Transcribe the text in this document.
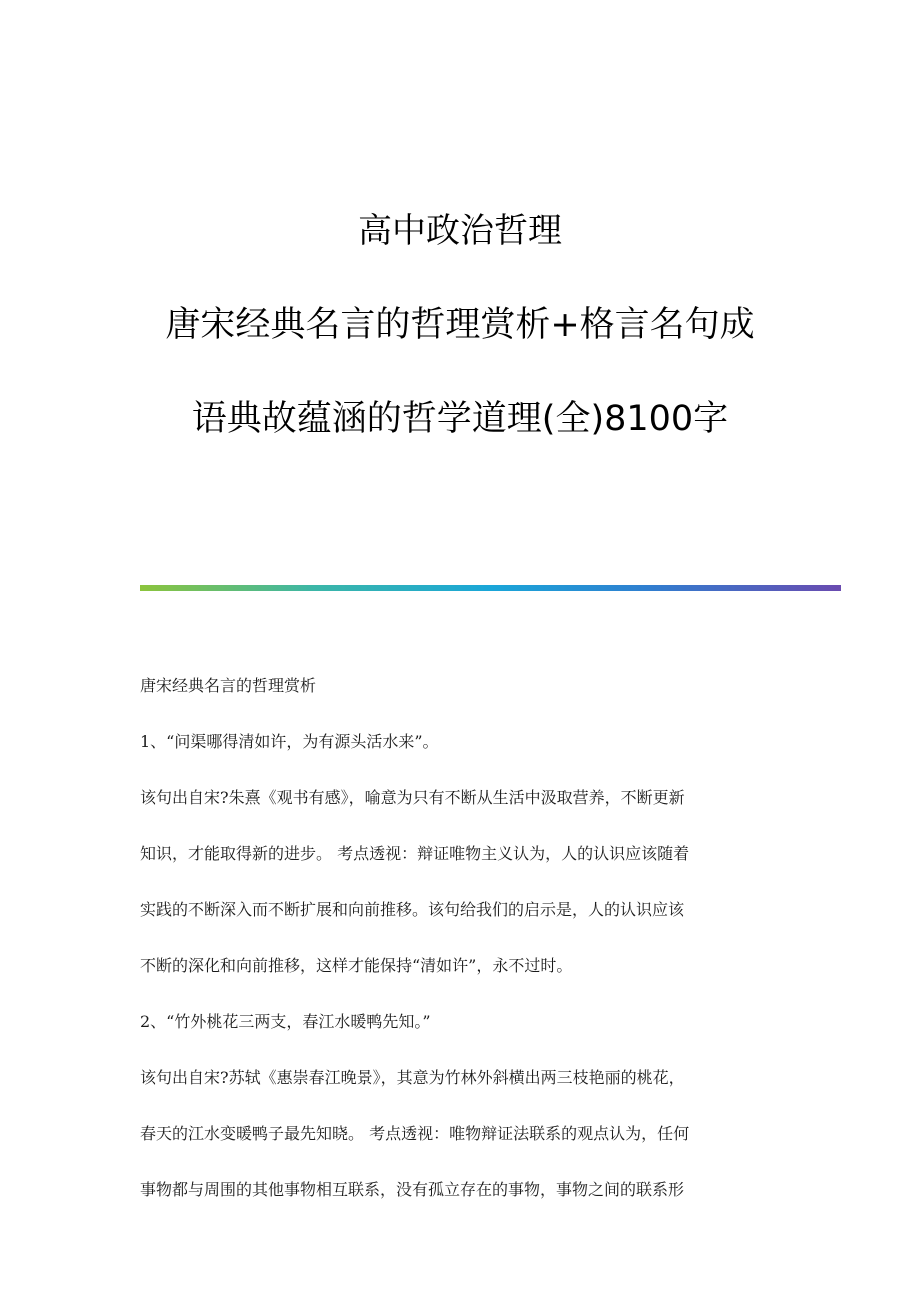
高中政治哲理
唐宋经典名言的哲理赏析+格言名句成
语典故蕴涵的哲学道理(全)8100字

唐宋经典名言的哲理赏析

1、“问渠哪得清如许，为有源头活水来”。

该句出自宋?朱熹《观书有感》，喻意为只有不断从生活中汲取营养，不断更新
知识，才能取得新的进步。 考点透视：辩证唯物主义认为，人的认识应该随着
实践的不断深入而不断扩展和向前推移。该句给我们的启示是，人的认识应该
不断的深化和向前推移，这样才能保持“清如许”，永不过时。

2、“竹外桃花三两支，春江水暖鸭先知。”

该句出自宋?苏轼《惠崇春江晚景》，其意为竹林外斜横出两三枝艳丽的桃花，
春天的江水变暖鸭子最先知晓。 考点透视：唯物辩证法联系的观点认为，任何
事物都与周围的其他事物相互联系，没有孤立存在的事物，事物之间的联系形
